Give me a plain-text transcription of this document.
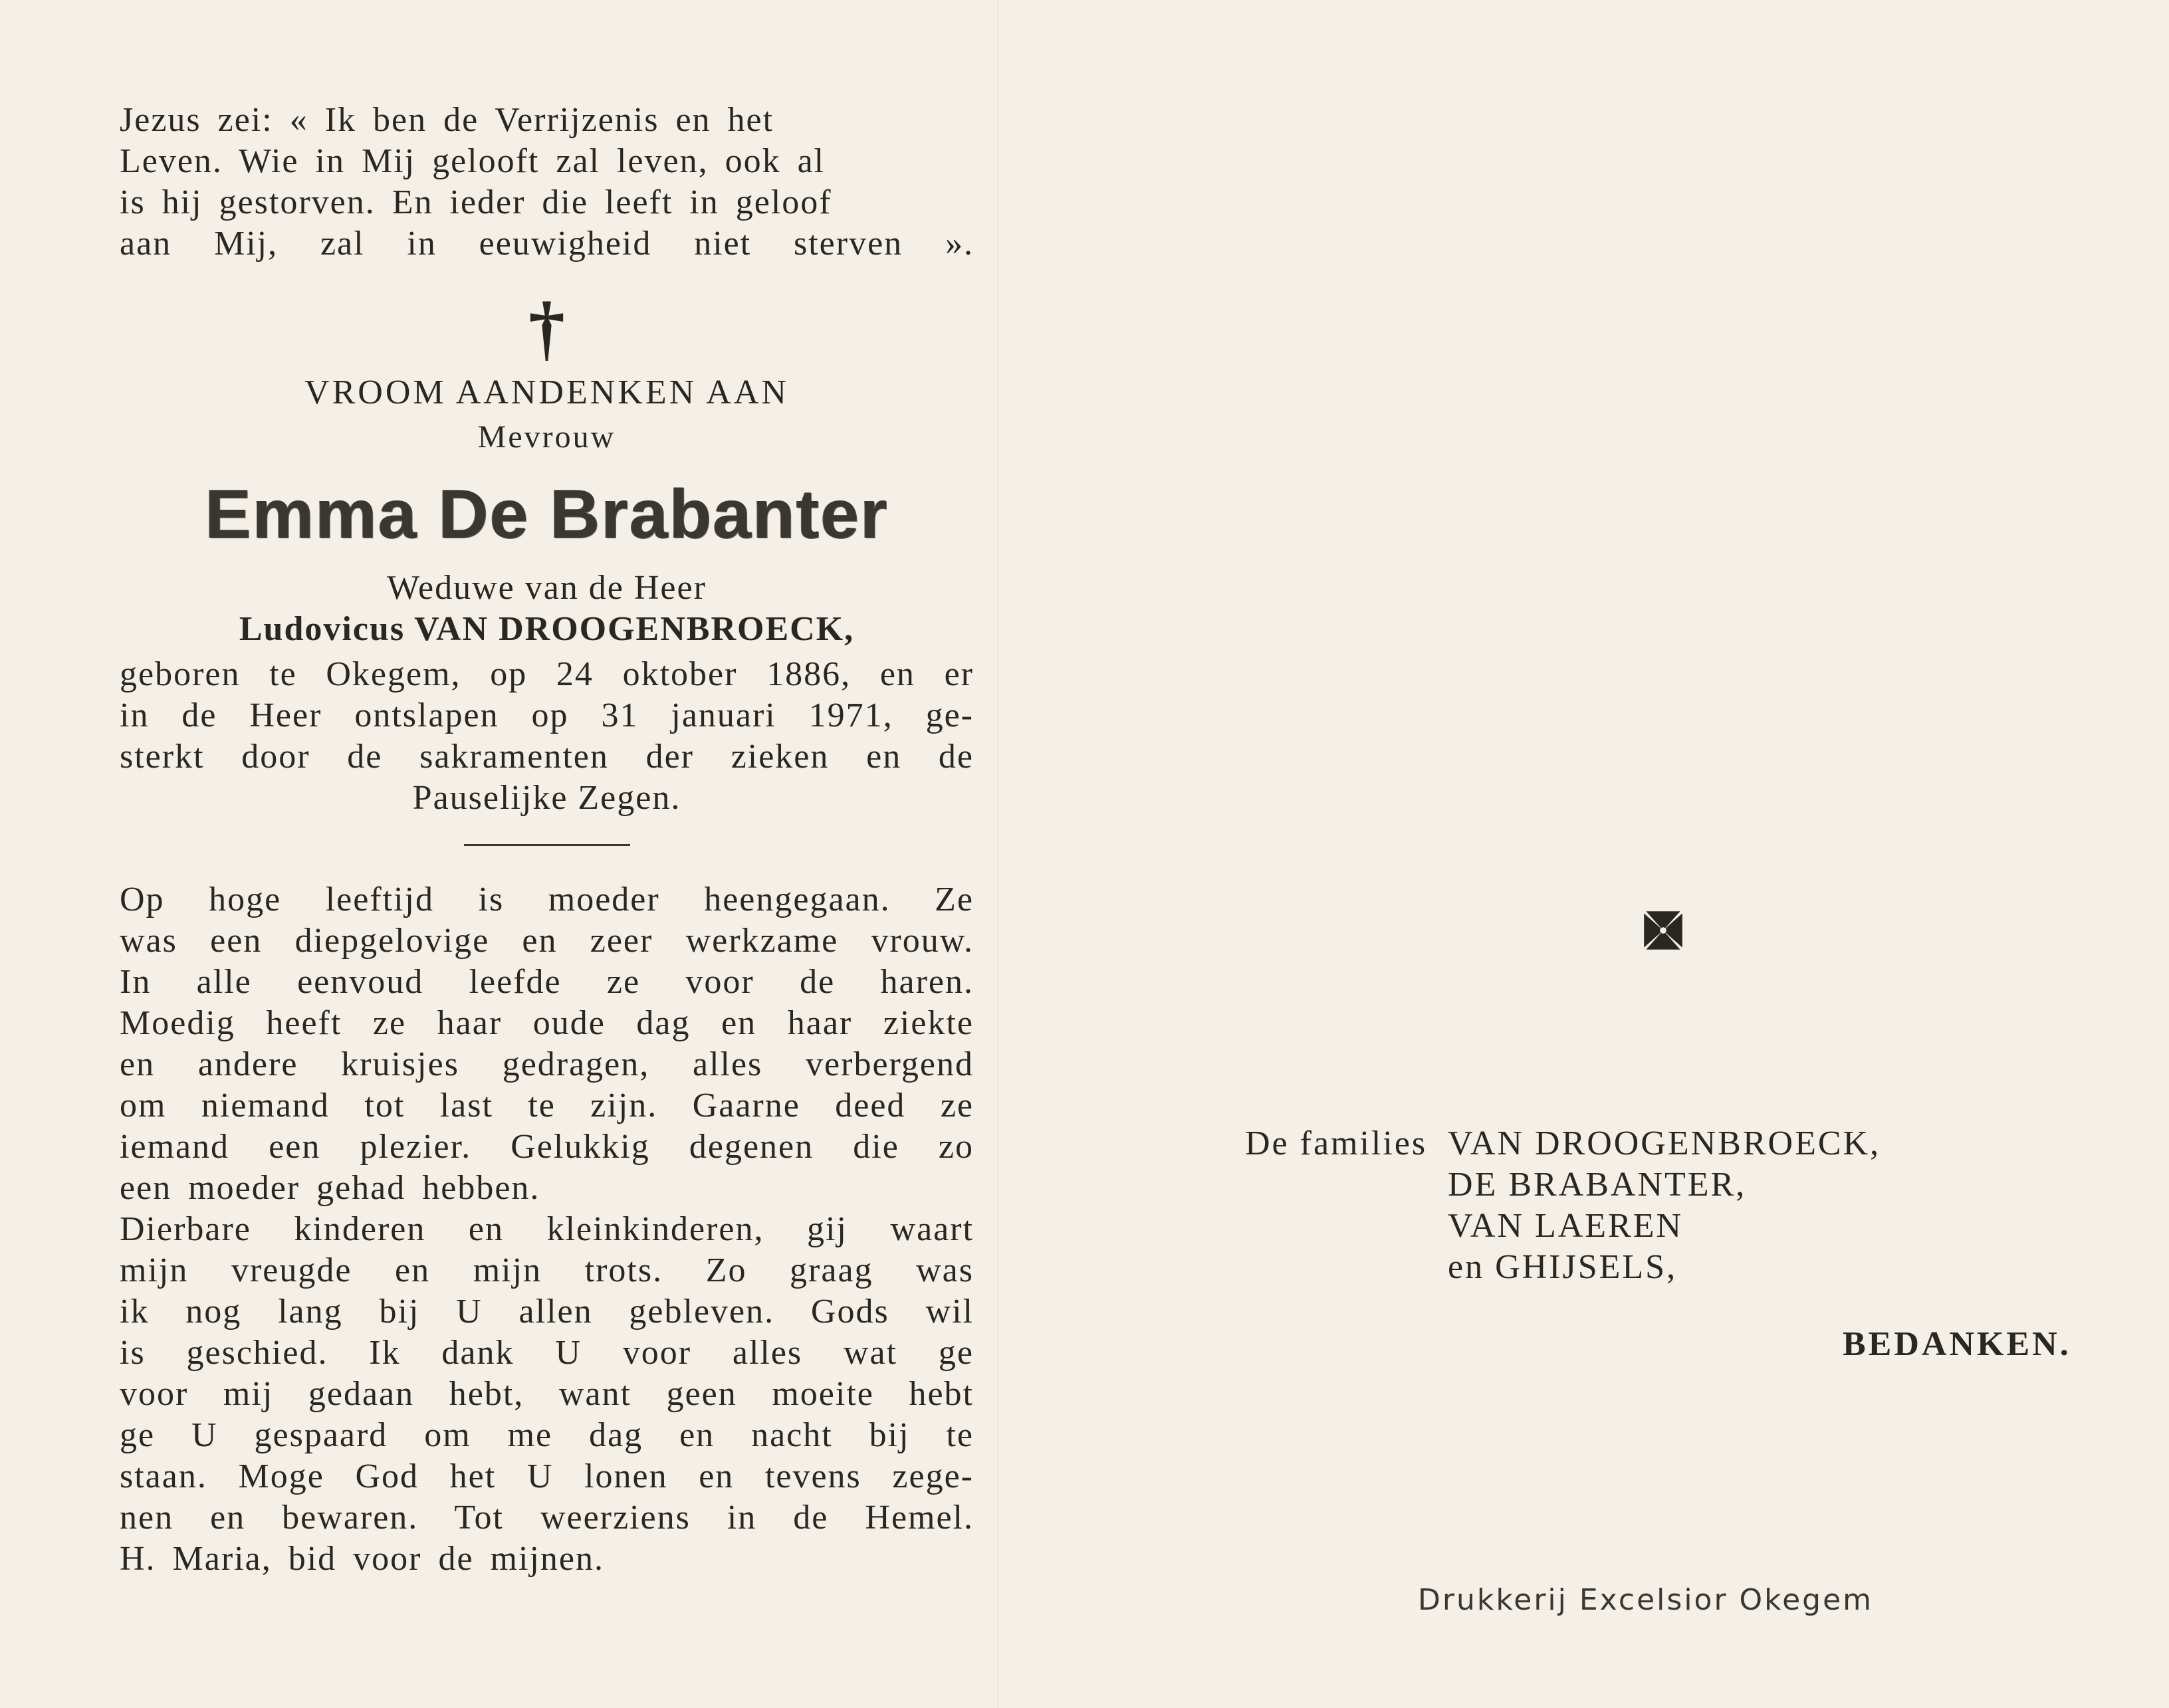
Jezus zei: « Ik ben de Verrijzenis en het
Leven. Wie in Mij gelooft zal leven, ook al
is hij gestorven. En ieder die leeft in geloof
aan Mij, zal in eeuwigheid niet sterven ».
†
VROOM AANDENKEN AAN
Mevrouw
Emma De Brabanter
Weduwe van de Heer
Ludovicus VAN DROOGENBROECK,
geboren te Okegem, op 24 oktober 1886, en er
in de Heer ontslapen op 31 januari 1971, ge-
sterkt door de sakramenten der zieken en de
Pauselijke Zegen.
Op hoge leeftijd is moeder heengegaan. Ze
was een diepgelovige en zeer werkzame vrouw.
In alle eenvoud leefde ze voor de haren.
Moedig heeft ze haar oude dag en haar ziekte
en andere kruisjes gedragen, alles verbergend
om niemand tot last te zijn. Gaarne deed ze
iemand een plezier. Gelukkig degenen die zo
een moeder gehad hebben.
Dierbare kinderen en kleinkinderen, gij waart
mijn vreugde en mijn trots. Zo graag was
ik nog lang bij U allen gebleven. Gods wil
is geschied. Ik dank U voor alles wat ge
voor mij gedaan hebt, want geen moeite hebt
ge U gespaard om me dag en nacht bij te
staan. Moge God het U lonen en tevens zege-
nen en bewaren. Tot weerziens in de Hemel.
H. Maria, bid voor de mijnen.
De families VAN DROOGENBROECK,
DE BRABANTER,
VAN LAEREN
en GHIJSELS,
BEDANKEN.
Drukkerij Excelsior Okegem
